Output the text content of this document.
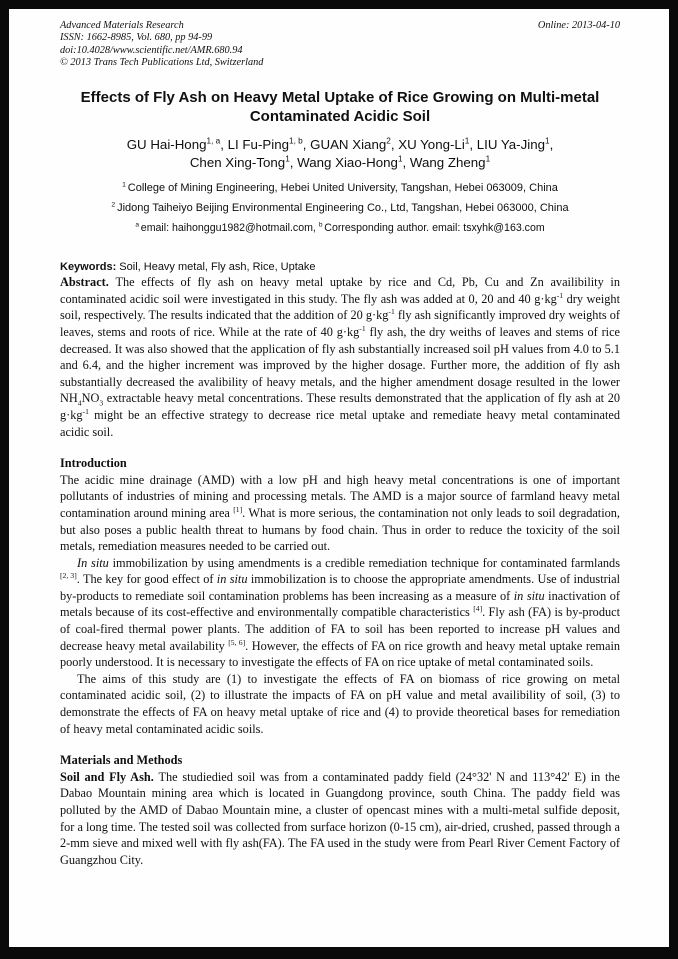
Advanced Materials Research	Online: 2013-04-10
ISSN: 1662-8985, Vol. 680, pp 94-99
doi:10.4028/www.scientific.net/AMR.680.94
© 2013 Trans Tech Publications Ltd, Switzerland
Effects of Fly Ash on Heavy Metal Uptake of Rice Growing on Multi-metal Contaminated Acidic Soil
GU Hai-Hong$^{1, a}$, LI Fu-Ping$^{1, b}$, GUAN Xiang$^2$, XU Yong-Li$^1$, LIU Ya-Jing$^1$,
Chen Xing-Tong$^1$, Wang Xiao-Hong$^1$, Wang Zheng$^1$
$^1$ College of Mining Engineering, Hebei United University, Tangshan, Hebei 063009, China
$^2$ Jidong Taiheiyo Beijing Environmental Engineering Co., Ltd, Tangshan, Hebei 063000, China
$^a$ email: haihonggu1982@hotmail.com, $^b$ Corresponding author. email: tsxyhk@163.com
Keywords: Soil, Heavy metal, Fly ash, Rice, Uptake

Abstract. The effects of fly ash on heavy metal uptake by rice and Cd, Pb, Cu and Zn availibility in contaminated acidic soil were investigated in this study. The fly ash was added at 0, 20 and 40 $g\cdot kg^{-1}$ dry weight soil, respectively. The results indicated that the addition of 20 $g\cdot kg^{-1}$ fly ash significantly improved dry weights of leaves, stems and roots of rice. While at the rate of 40 $g\cdot kg^{-1}$ fly ash, the dry weiths of leaves and stems of rice decreased. It was also showed that the application of fly ash substantially increased soil pH values from 4.0 to 5.1 and 6.4, and the higher increment was improved by the higher dosage. Further more, the addition of fly ash substantially decreased the avalibility of heavy metals, and the higher amendment dosage resulted in the lower $NH_4NO_3$ extractable heavy metal concentrations. These results demonstrated that the application of fly ash at 20 $g\cdot kg^{-1}$ might be an effective strategy to decrease rice metal uptake and remediate heavy metal contaminated acidic soil.

Introduction

The acidic mine drainage (AMD) with a low pH and high heavy metal concentrations is one of important pollutants of industries of mining and processing metals. The AMD is a major source of farmland heavy metal contamination around mining area [1]. What is more serious, the contamination not only leads to soil degradation, but also poses a public health threat to humans by food chain. Thus in order to reduce the toxicity of the soil metals, remediation measures needed to be carried out.

In situ immobilization by using amendments is a credible remediation technique for contaminated farmlands [2, 3]. The key for good effect of in situ immobilization is to choose the appropriate amendments. Use of industrial by-products to remediate soil contamination problems has been increasing as a measure of in situ inactivation of metals because of its cost-effective and environmentally compatible characteristics [4]. Fly ash (FA) is by-product of coal-fired thermal power plants. The addition of FA to soil has been reported to increase pH values and decrease heavy metal availability [5, 6]. However, the effects of FA on rice growth and heavy metal uptake remain poorly understood. It is necessary to investigate the effects of FA on rice uptake of metal contaminated soils.

The aims of this study are (1) to investigate the effects of FA on biomass of rice growing on metal contaminated acidic soil, (2) to illustrate the impacts of FA on pH value and metal availibility of soil, (3) to demonstrate the effects of FA on heavy metal uptake of rice and (4) to provide theoretical bases for remediation of heavy metal contaminated acidic soils.

Materials and Methods

Soil and Fly Ash. The studiedied soil was from a contaminated paddy field (24°32' N and 113°42' E) in the Dabao Mountain mining area which is located in Guangdong province, south China. The paddy field was polluted by the AMD of Dabao Mountain mine, a cluster of opencast mines with a multi-metal sulfide deposit, for a long time. The tested soil was collected from surface horizon (0-15 cm), air-dried, crushed, passed through a 2-mm sieve and mixed well with fly ash(FA). The FA used in the study were from Pearl River Cement Factory of Guangzhou City.
